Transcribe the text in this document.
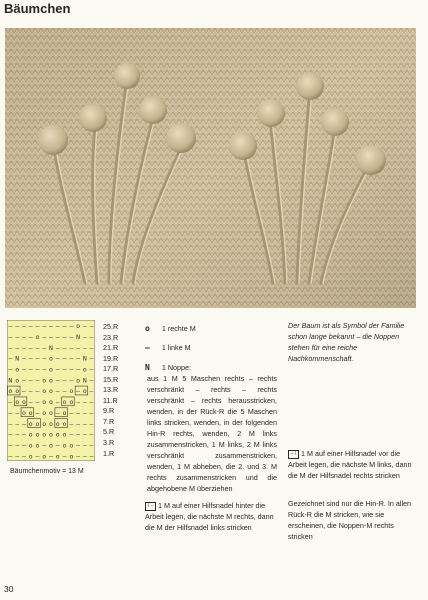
Bäumchen
– – – – – – – – – – o – –
– – – – o – – – – – N – –
– – – – – – N – – – – – –
– N – – – – o – – – – N –
– o – – – – o – – – – o –
N o – – – o o – – – o N –
o o – – – o o – – o – o –
– o o – – o o – o o – – –
– – o o – o o – o – – – –
– – – o o o o o o – – – –
– – – o o o o o o – – – –
– – – o o – o – o o – – –
– – – o – o – o – o – – –
25.R
23.R
21.R
19.R
17.R
15.R
13.R
11.R
9.R
7.R
5.R
3.R
1.R
Bäumchenmotiv = 13 M
o 1 rechte M
– 1 linke M
N 1 Noppe:
aus 1 M 5 Maschen rechts – rechts verschränkt – rechts – rechts verschränkt – rechts herausstricken, wenden, in der Rück-R die 5 Maschen links stricken, wenden, in der folgenden Hin-R rechts, wenden, 2 M links zusammenstricken, 1 M links, 2 M links verschränkt zusammenstricken, wenden, 1 M abheben, die 2. und 3. M rechts zusammenstricken und die abgehobene M überziehen
/ – 1 M auf einer Hilfsnadel hinter die Arbeit legen, die nächste M rechts, dann die M der Hilfsnadel links stricken
Der Baum ist als Symbol der Familie schon lange bekannt – die Noppen stehen für eine reiche Nachkommenschaft.
– \ 1 M auf einer Hilfsnadel vor die Arbeit legen, die nächste M links, dann die M der Hilfsnadel rechts stricken
Gezeichnet sind nur die Hin-R. In allen Rück-R die M stricken, wie sie erscheinen, die Noppen-M rechts stricken
30
